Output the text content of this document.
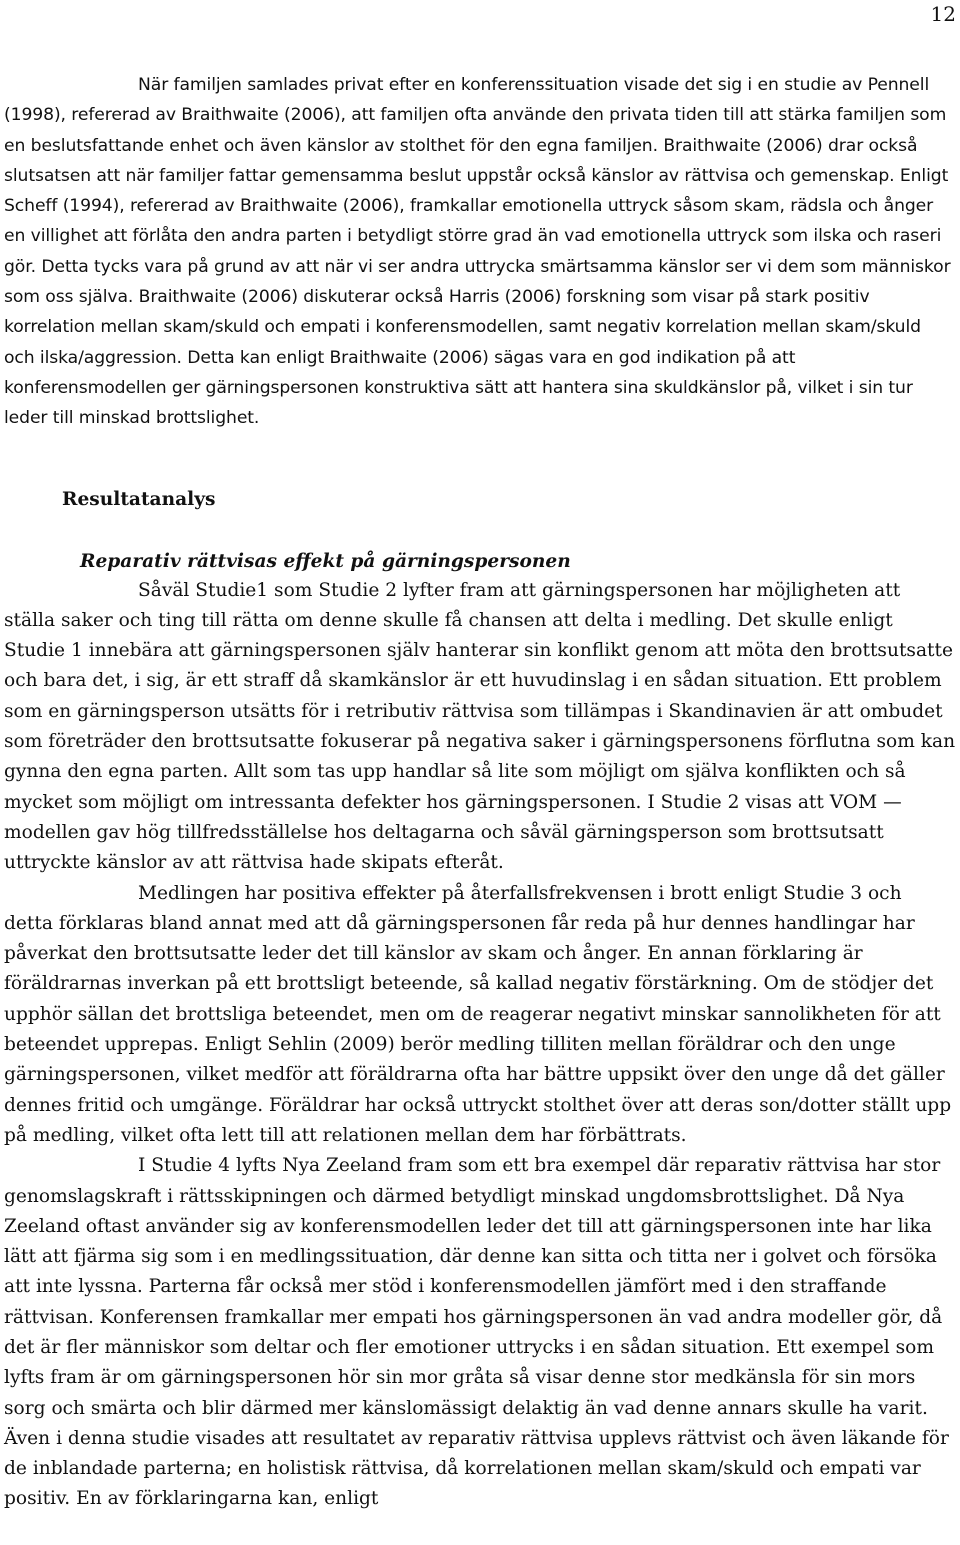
12

När familjen samlades privat efter en konferenssituation visade det sig i en studie av Pennell (1998), refererad av Braithwaite (2006), att familjen ofta använde den privata tiden till att stärka familjen som en beslutsfattande enhet och även känslor av stolthet för den egna familjen. Braithwaite (2006) drar också slutsatsen att när familjer fattar gemensamma beslut uppstår också känslor av rättvisa och gemenskap. Enligt Scheff (1994), refererad av Braithwaite (2006), framkallar emotionella uttryck såsom skam, rädsla och ånger en villighet att förlåta den andra parten i betydligt större grad än vad emotionella uttryck som ilska och raseri gör. Detta tycks vara på grund av att när vi ser andra uttrycka smärtsamma känslor ser vi dem som människor som oss själva. Braithwaite (2006) diskuterar också Harris (2006) forskning som visar på stark positiv korrelation mellan skam/skuld och empati i konferensmodellen, samt negativ korrelation mellan skam/skuld och ilska/aggression. Detta kan enligt Braithwaite (2006) sägas vara en god indikation på att konferensmodellen ger gärningspersonen konstruktiva sätt att hantera sina skuldkänslor på, vilket i sin tur leder till minskad brottslighet.

Resultatanalys
Reparativ rättvisas effekt på gärningspersonen

Såväl Studie1 som Studie 2 lyfter fram att gärningspersonen har möjligheten att ställa saker och ting till rätta om denne skulle få chansen att delta i medling. Det skulle enligt Studie 1 innebära att gärningspersonen själv hanterar sin konflikt genom att möta den brottsutsatte och bara det, i sig, är ett straff då skamkänslor är ett huvudinslag i en sådan situation. Ett problem som en gärningsperson utsätts för i retributiv rättvisa som tillämpas i Skandinavien är att ombudet som företräder den brottsutsatte fokuserar på negativa saker i gärningspersonens förflutna som kan gynna den egna parten. Allt som tas upp handlar så lite som möjligt om själva konflikten och så mycket som möjligt om intressanta defekter hos gärningspersonen. I Studie 2 visas att VOM — modellen gav hög tillfredsställelse hos deltagarna och såväl gärningsperson som brottsutsatt uttryckte känslor av att rättvisa hade skipats efteråt.

Medlingen har positiva effekter på återfallsfrekvensen i brott enligt Studie 3 och detta förklaras bland annat med att då gärningspersonen får reda på hur dennes handlingar har påverkat den brottsutsatte leder det till känslor av skam och ånger. En annan förklaring är föräldrarnas inverkan på ett brottsligt beteende, så kallad negativ förstärkning. Om de stödjer det upphör sällan det brottsliga beteendet, men om de reagerar negativt minskar sannolikheten för att beteendet upprepas. Enligt Sehlin (2009) berör medling tilliten mellan föräldrar och den unge gärningspersonen, vilket medför att föräldrarna ofta har bättre uppsikt över den unge då det gäller dennes fritid och umgänge. Föräldrar har också uttryckt stolthet över att deras son/dotter ställt upp på medling, vilket ofta lett till att relationen mellan dem har förbättrats.

I Studie 4 lyfts Nya Zeeland fram som ett bra exempel där reparativ rättvisa har stor genomslagskraft i rättsskipningen och därmed betydligt minskad ungdomsbrottslighet. Då Nya Zeeland oftast använder sig av konferensmodellen leder det till att gärningspersonen inte har lika lätt att fjärma sig som i en medlingssituation, där denne kan sitta och titta ner i golvet och försöka att inte lyssna. Parterna får också mer stöd i konferensmodellen jämfört med i den straffande rättvisan. Konferensen framkallar mer empati hos gärningspersonen än vad andra modeller gör, då det är fler människor som deltar och fler emotioner uttrycks i en sådan situation. Ett exempel som lyfts fram är om gärningspersonen hör sin mor gråta så visar denne stor medkänsla för sin mors sorg och smärta och blir därmed mer känslomässigt delaktig än vad denne annars skulle ha varit. Även i denna studie visades att resultatet av reparativ rättvisa upplevs rättvist och även läkande för de inblandade parterna; en holistisk rättvisa, då korrelationen mellan skam/skuld och empati var positiv. En av förklaringarna kan, enligt
